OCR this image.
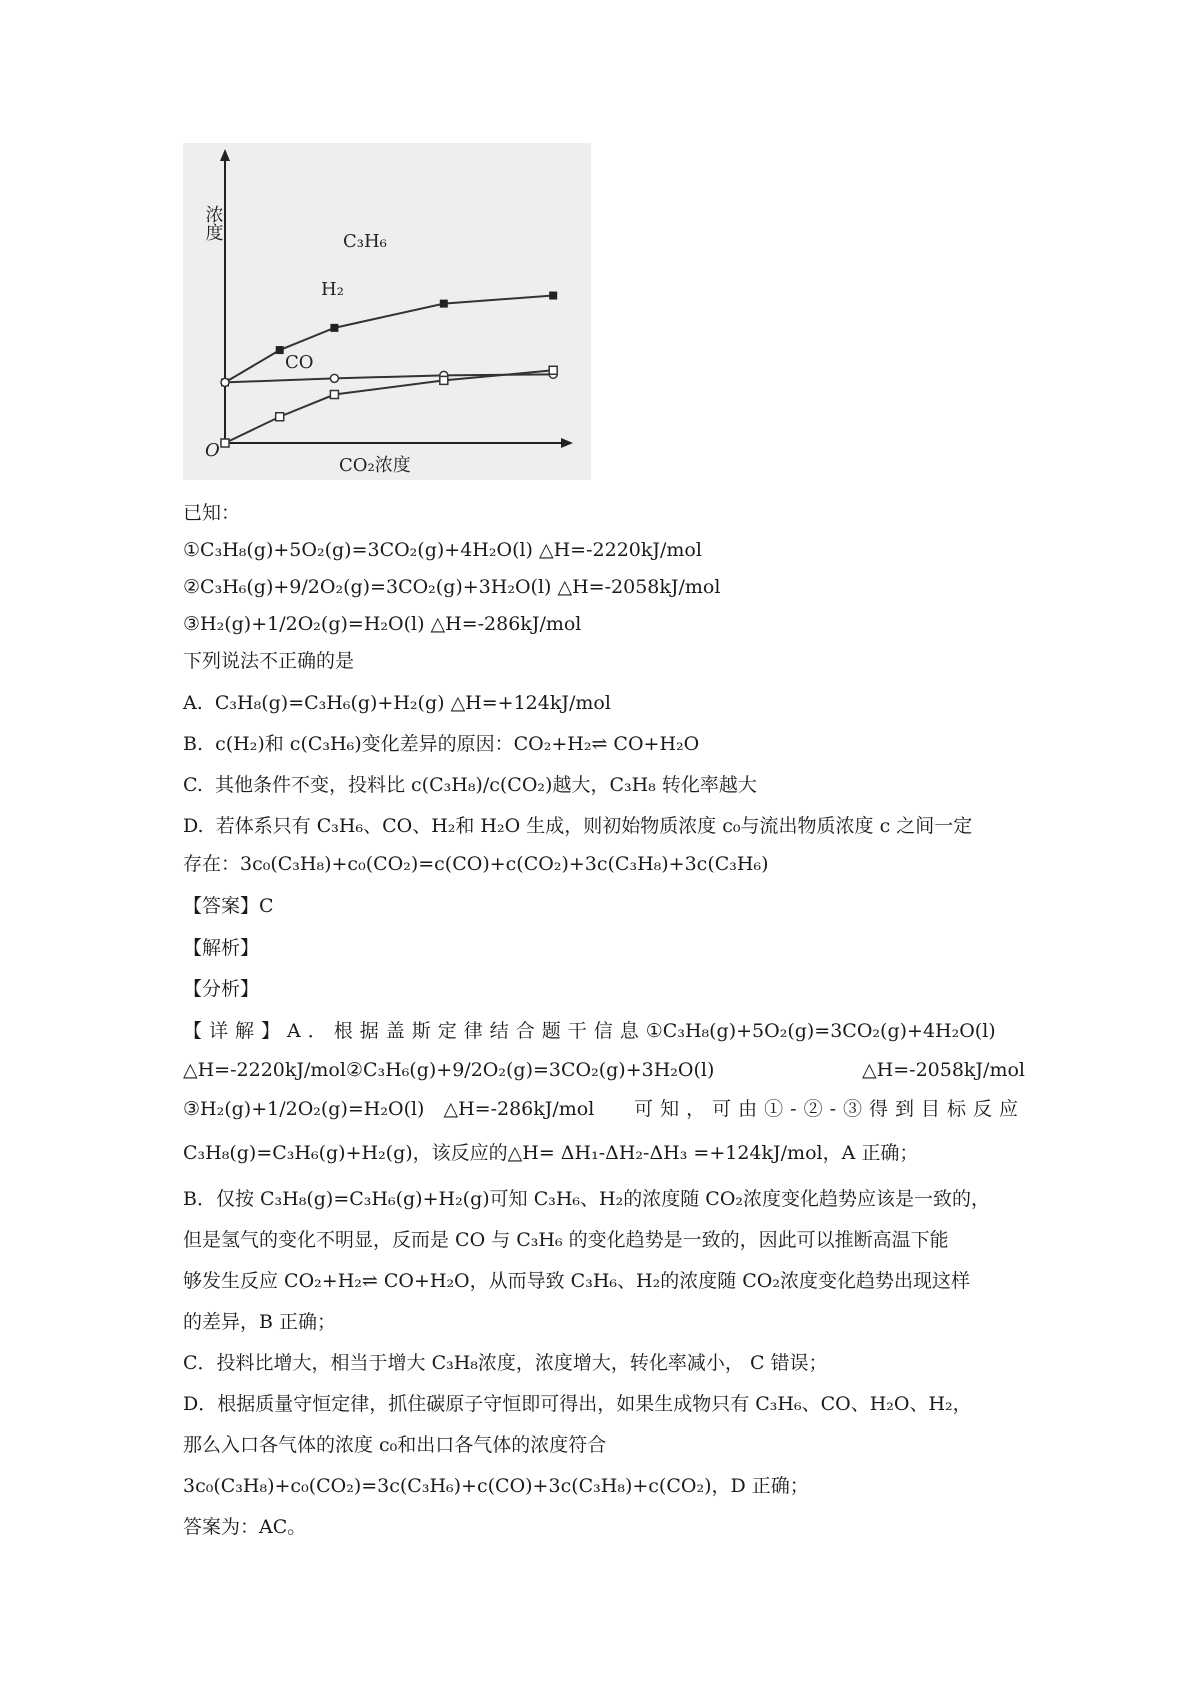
浓度
CO₂浓度
O
C₃H₆
H₂
CO
已知：
①C₃H₈(g)+5O₂(g)=3CO₂(g)+4H₂O(l) △H=-2220kJ/mol
②C₃H₆(g)+9/2O₂(g)=3CO₂(g)+3H₂O(l) △H=-2058kJ/mol
③H₂(g)+1/2O₂(g)=H₂O(l) △H=-286kJ/mol
下列说法不正确的是
A. C₃H₈(g)=C₃H₆(g)+H₂(g) △H=+124kJ/mol
B. c(H₂)和 c(C₃H₆)变化差异的原因：CO₂+H₂⇌ CO+H₂O
C. 其他条件不变，投料比 c(C₃H₈)/c(CO₂)越大，C₃H₈ 转化率越大
D. 若体系只有 C₃H₆、CO、H₂和 H₂O 生成，则初始物质浓度 c₀与流出物质浓度 c 之间一定
存在：3c₀(C₃H₈)+c₀(CO₂)=c(CO)+c(CO₂)+3c(C₃H₈)+3c(C₃H₆)
【答案】C
【解析】
【分析】
【详解】A．根据盖斯定律结合题干信息①C₃H₈(g)+5O₂(g)=3CO₂(g)+4H₂O(l)
△H=-2220kJ/mol②C₃H₆(g)+9/2O₂(g)=3CO₂(g)+3H₂O(l)	△H=-2058kJ/mol
③H₂(g)+1/2O₂(g)=H₂O(l)　△H=-286kJ/mol 可知，可由①-②-③得到目标反应
C₃H₈(g)=C₃H₆(g)+H₂(g)，该反应的△H= ΔH₁-ΔH₂-ΔH₃ =+124kJ/mol，A 正确；
B．仅按 C₃H₈(g)=C₃H₆(g)+H₂(g)可知 C₃H₆、H₂的浓度随 CO₂浓度变化趋势应该是一致的，
但是氢气的变化不明显，反而是 CO 与 C₃H₆ 的变化趋势是一致的，因此可以推断高温下能
够发生反应 CO₂+H₂⇌ CO+H₂O，从而导致 C₃H₆、H₂的浓度随 CO₂浓度变化趋势出现这样
的差异，B 正确；
C．投料比增大，相当于增大 C₃H₈浓度，浓度增大，转化率减小， C 错误；
D．根据质量守恒定律，抓住碳原子守恒即可得出，如果生成物只有 C₃H₆、CO、H₂O、H₂，
那么入口各气体的浓度 c₀和出口各气体的浓度符合
3c₀(C₃H₈)+c₀(CO₂)=3c(C₃H₆)+c(CO)+3c(C₃H₈)+c(CO₂)，D 正确；
答案为：AC。
